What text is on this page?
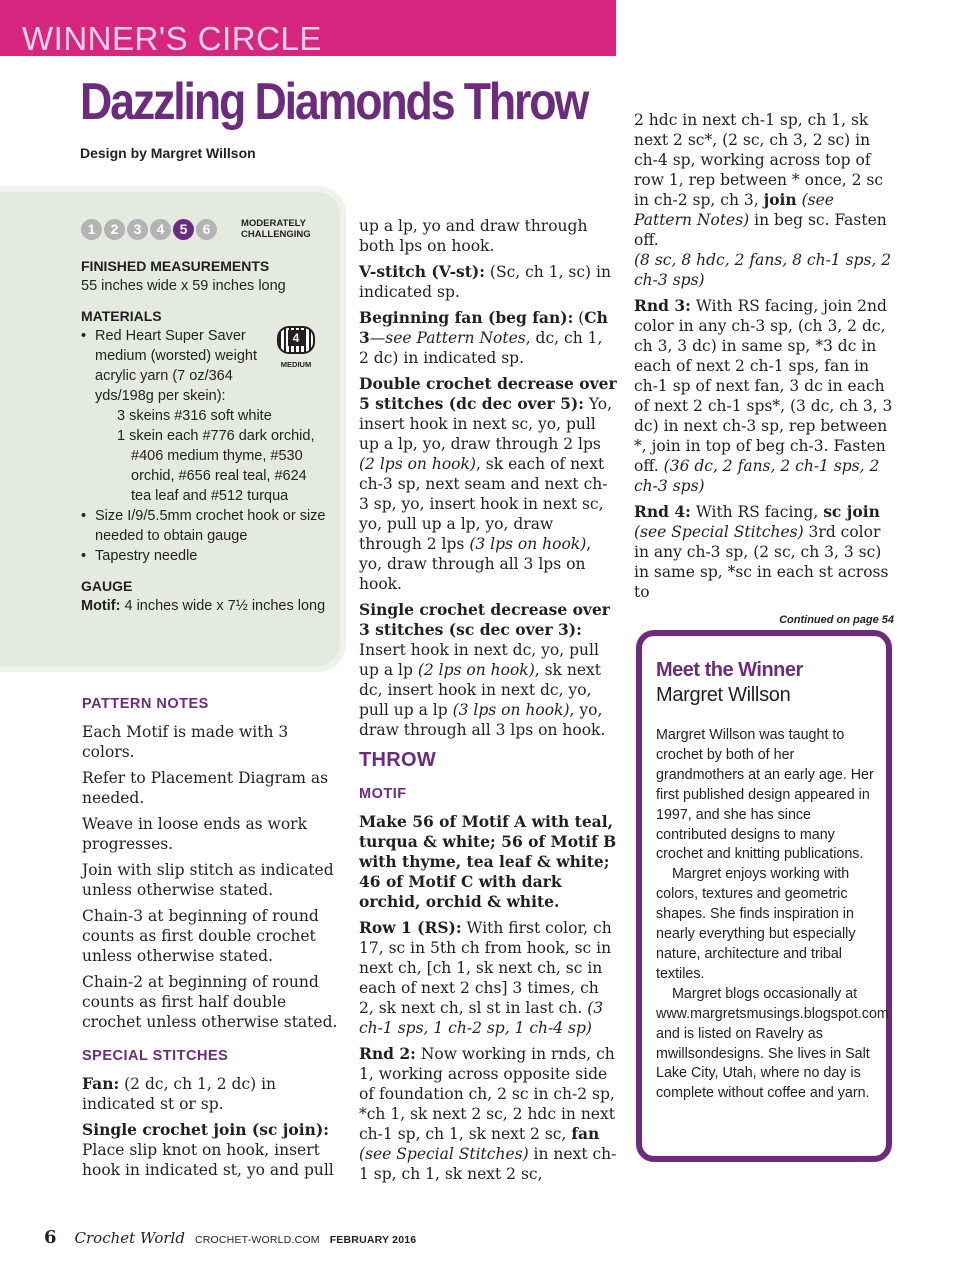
WINNER'S CIRCLE
Dazzling Diamonds Throw
Design by Margret Willson
1	2	3	4	5	6	MODERATELY
CHALLENGING
FINISHED MEASUREMENTS
55 inches wide x 59 inches long
MATERIALS
• Red Heart Super Saver medium (worsted) weight acrylic yarn (7 oz/364 yds/198g per skein):
4
MEDIUM
3 skeins #316 soft white
1 skein each #776 dark orchid,
#406 medium thyme, #530 orchid, #656 real teal, #624 tea leaf and #512 turqua
• Size I/9/5.5mm crochet hook or size needed to obtain gauge
• Tapestry needle
GAUGE
Motif: 4 inches wide x 7½ inches long
PATTERN NOTES

Each Motif is made with 3 colors.

Refer to Placement Diagram as needed.

Weave in loose ends as work progresses.

Join with slip stitch as indicated unless otherwise stated.

Chain-3 at beginning of round counts as first double crochet unless otherwise stated.

Chain-2 at beginning of round counts as first half double crochet unless otherwise stated.

SPECIAL STITCHES

Fan: (2 dc, ch 1, 2 dc) in indicated st or sp.

Single crochet join (sc join): Place slip knot on hook, insert hook in indicated st, yo and pull

up a lp, yo and draw through both lps on hook.

V-stitch (V-st): (Sc, ch 1, sc) in indicated sp.

Beginning fan (beg fan): (Ch 3—see Pattern Notes, dc, ch 1, 2 dc) in indicated sp.

Double crochet decrease over 5 stitches (dc dec over 5): Yo, insert hook in next sc, yo, pull up a lp, yo, draw through 2 lps (2 lps on hook), sk each of next ch-3 sp, next seam and next ch-3 sp, yo, insert hook in next sc, yo, pull up a lp, yo, draw through 2 lps (3 lps on hook), yo, draw through all 3 lps on hook.

Single crochet decrease over 3 stitches (sc dec over 3): Insert hook in next dc, yo, pull up a lp (2 lps on hook), sk next dc, insert hook in next dc, yo, pull up a lp (3 lps on hook), yo, draw through all 3 lps on hook.

THROW
MOTIF

Make 56 of Motif A with teal, turqua & white; 56 of Motif B with thyme, tea leaf & white; 46 of Motif C with dark orchid, orchid & white.

Row 1 (RS): With first color, ch 17, sc in 5th ch from hook, sc in next ch, [ch 1, sk next ch, sc in each of next 2 chs] 3 times, ch 2, sk next ch, sl st in last ch. (3 ch-1 sps, 1 ch-2 sp, 1 ch-4 sp)

Rnd 2: Now working in rnds, ch 1, working across opposite side of foundation ch, 2 sc in ch-2 sp, *ch 1, sk next 2 sc, 2 hdc in next ch-1 sp, ch 1, sk next 2 sc, fan (see Special Stitches) in next ch-1 sp, ch 1, sk next 2 sc,

2 hdc in next ch-1 sp, ch 1, sk next 2 sc*, (2 sc, ch 3, 2 sc) in ch-4 sp, working across top of row 1, rep between * once, 2 sc in ch-2 sp, ch 3, join (see Pattern Notes) in beg sc. Fasten off.

(8 sc, 8 hdc, 2 fans, 8 ch-1 sps, 2 ch-3 sps)

Rnd 3: With RS facing, join 2nd color in any ch-3 sp, (ch 3, 2 dc, ch 3, 3 dc) in same sp, *3 dc in each of next 2 ch-1 sps, fan in ch-1 sp of next fan, 3 dc in each of next 2 ch-1 sps*, (3 dc, ch 3, 3 dc) in next ch-3 sp, rep between *, join in top of beg ch-3. Fasten off. (36 dc, 2 fans, 2 ch-1 sps, 2 ch-3 sps)

Rnd 4: With RS facing, sc join (see Special Stitches) 3rd color in any ch-3 sp, (2 sc, ch 3, 3 sc) in same sp, *sc in each st across to

Continued on page 54
Meet the Winner
Margret Willson

Margret Willson was taught to crochet by both of her grandmothers at an early age. Her first published design appeared in 1997, and she has since contributed designs to many crochet and knitting publications.

Margret enjoys working with colors, textures and geometric shapes. She finds inspiration in nearly everything but especially nature, architecture and tribal textiles.

Margret blogs occasionally at www.margretsmusings.blogspot.com and is listed on Ravelry as mwillsondesigns. She lives in Salt Lake City, Utah, where no day is complete without coffee and yarn.

6 Crochet World CROCHET-WORLD.COM FEBRUARY 2016
